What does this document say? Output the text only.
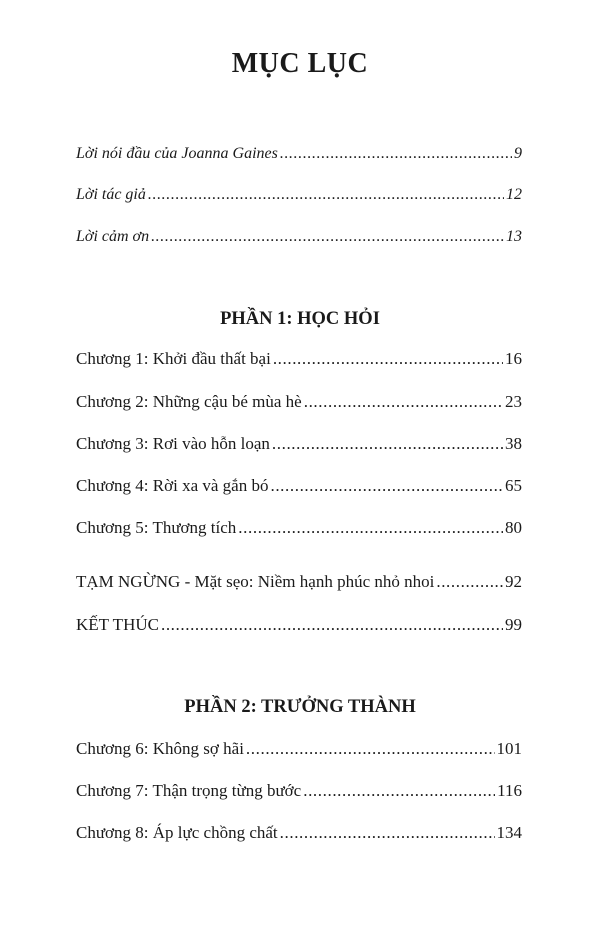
MỤC LỤC
Lời nói đầu của Joanna Gaines .....	9
Lời tác giả .....	12
Lời cảm ơn .....	13
PHẦN 1: HỌC HỎI
Chương 1: Khởi đầu thất bại .....	16
Chương 2: Những cậu bé mùa hè .....	23
Chương 3: Rơi vào hỗn loạn .....	38
Chương 4: Rời xa và gắn bó .....	65
Chương 5: Thương tích .....	80
TẠM NGỪNG - Mặt sẹo: Niềm hạnh phúc nhỏ nhoi .....	92
KẾT THÚC .....	99
PHẦN 2: TRƯỞNG THÀNH
Chương 6: Không sợ hãi .....	101
Chương 7: Thận trọng từng bước .....	116
Chương 8: Áp lực chồng chất .....	134
